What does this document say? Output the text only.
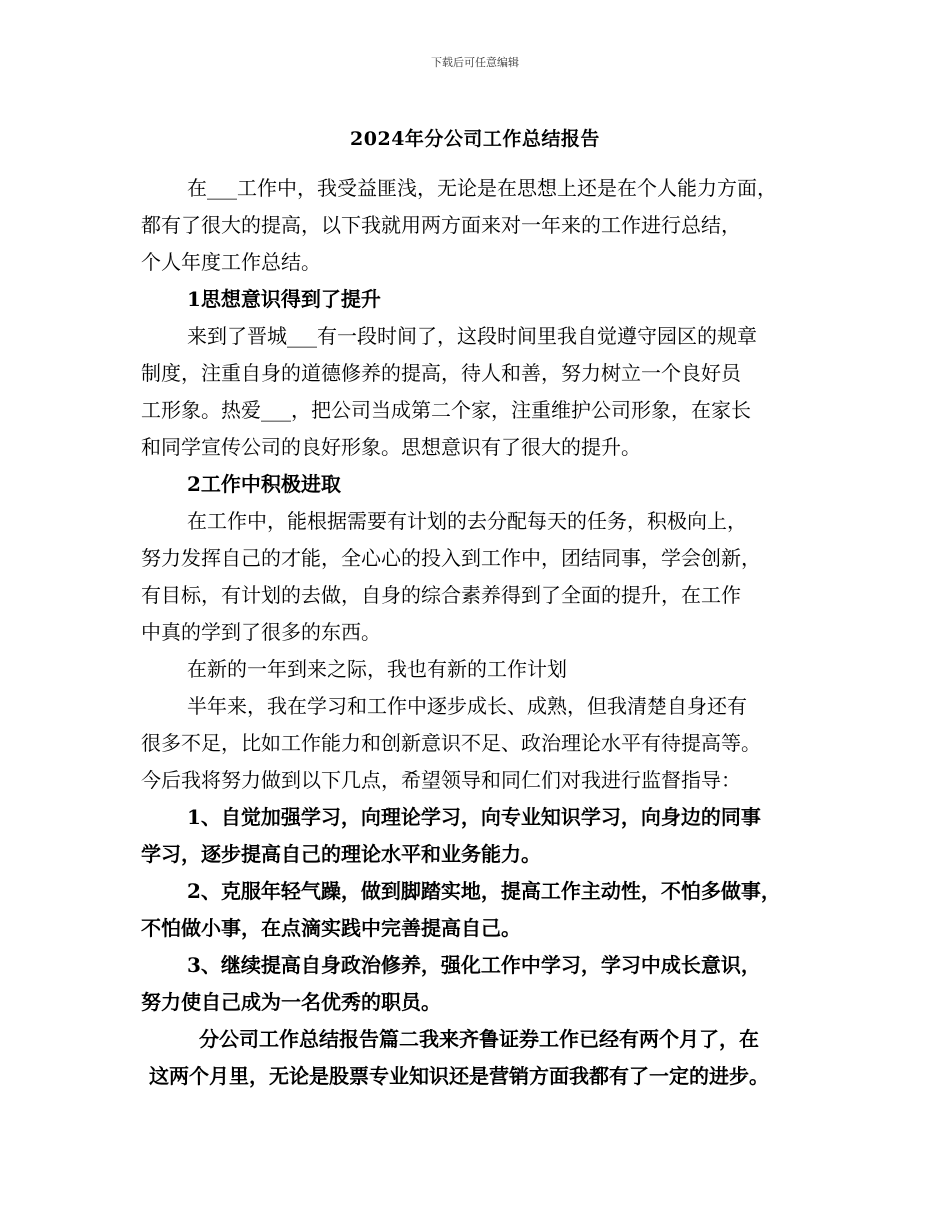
下载后可任意编辑
2024年分公司工作总结报告
在___工作中，我受益匪浅，无论是在思想上还是在个人能力方面，
都有了很大的提高，以下我就用两方面来对一年来的工作进行总结，
个人年度工作总结。
1思想意识得到了提升
来到了晋城___有一段时间了，这段时间里我自觉遵守园区的规章
制度，注重自身的道德修养的提高，待人和善，努力树立一个良好员
工形象。热爱___，把公司当成第二个家，注重维护公司形象，在家长
和同学宣传公司的良好形象。思想意识有了很大的提升。
2工作中积极进取
在工作中，能根据需要有计划的去分配每天的任务，积极向上，
努力发挥自己的才能，全心心的投入到工作中，团结同事，学会创新，
有目标，有计划的去做，自身的综合素养得到了全面的提升，在工作
中真的学到了很多的东西。
在新的一年到来之际，我也有新的工作计划
半年来，我在学习和工作中逐步成长、成熟，但我清楚自身还有
很多不足，比如工作能力和创新意识不足、政治理论水平有待提高等。
今后我将努力做到以下几点，希望领导和同仁们对我进行监督指导：
1、自觉加强学习，向理论学习，向专业知识学习，向身边的同事
学习，逐步提高自己的理论水平和业务能力。
2、克服年轻气躁，做到脚踏实地，提高工作主动性，不怕多做事，
不怕做小事，在点滴实践中完善提高自己。
3、继续提高自身政治修养，强化工作中学习，学习中成长意识，
努力使自己成为一名优秀的职员。
分公司工作总结报告篇二我来齐鲁证券工作已经有两个月了，在
这两个月里，无论是股票专业知识还是营销方面我都有了一定的进步。
